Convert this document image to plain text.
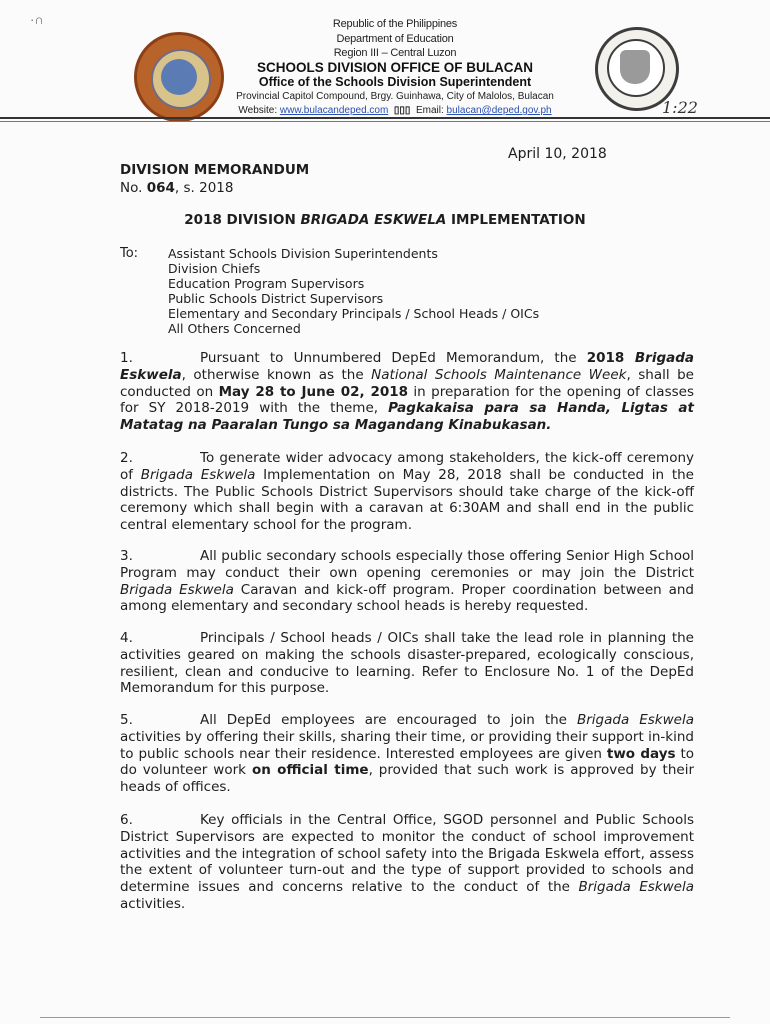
·∩	Republic of the Philippines
Department of Education
Region III – Central Luzon
SCHOOLS DIVISION OFFICE OF BULACAN
Office of the Schools Division Superintendent
Provincial Capitol Compound, Brgy. Guinhawa, City of Malolos, Bulacan
Website: www.bulacandeped.com ▯▯▯ Email: bulacan@deped.gov.ph	1:22
April 10, 2018
DIVISION MEMORANDUM
No. 064, s. 2018
2018 DIVISION BRIGADA ESKWELA IMPLEMENTATION
To: Assistant Schools Division Superintendents
Division Chiefs
Education Program Supervisors
Public Schools District Supervisors
Elementary and Secondary Principals / School Heads / OICs
All Others Concerned
1.	Pursuant to Unnumbered DepEd Memorandum, the 2018 Brigada Eskwela, otherwise known as the National Schools Maintenance Week, shall be conducted on May 28 to June 02, 2018 in preparation for the opening of classes for SY 2018-2019 with the theme, Pagkakaisa para sa Handa, Ligtas at Matatag na Paaralan Tungo sa Magandang Kinabukasan.
2.	To generate wider advocacy among stakeholders, the kick-off ceremony of Brigada Eskwela Implementation on May 28, 2018 shall be conducted in the districts. The Public Schools District Supervisors should take charge of the kick-off ceremony which shall begin with a caravan at 6:30AM and shall end in the public central elementary school for the program.
3.	All public secondary schools especially those offering Senior High School Program may conduct their own opening ceremonies or may join the District Brigada Eskwela Caravan and kick-off program. Proper coordination between and among elementary and secondary school heads is hereby requested.
4.	Principals / School heads / OICs shall take the lead role in planning the activities geared on making the schools disaster-prepared, ecologically conscious, resilient, clean and conducive to learning. Refer to Enclosure No. 1 of the DepEd Memorandum for this purpose.
5.	All DepEd employees are encouraged to join the Brigada Eskwela activities by offering their skills, sharing their time, or providing their support in-kind to public schools near their residence. Interested employees are given two days to do volunteer work on official time, provided that such work is approved by their heads of offices.
6.	Key officials in the Central Office, SGOD personnel and Public Schools District Supervisors are expected to monitor the conduct of school improvement activities and the integration of school safety into the Brigada Eskwela effort, assess the extent of volunteer turn-out and the type of support provided to schools and determine issues and concerns relative to the conduct of the Brigada Eskwela activities.
